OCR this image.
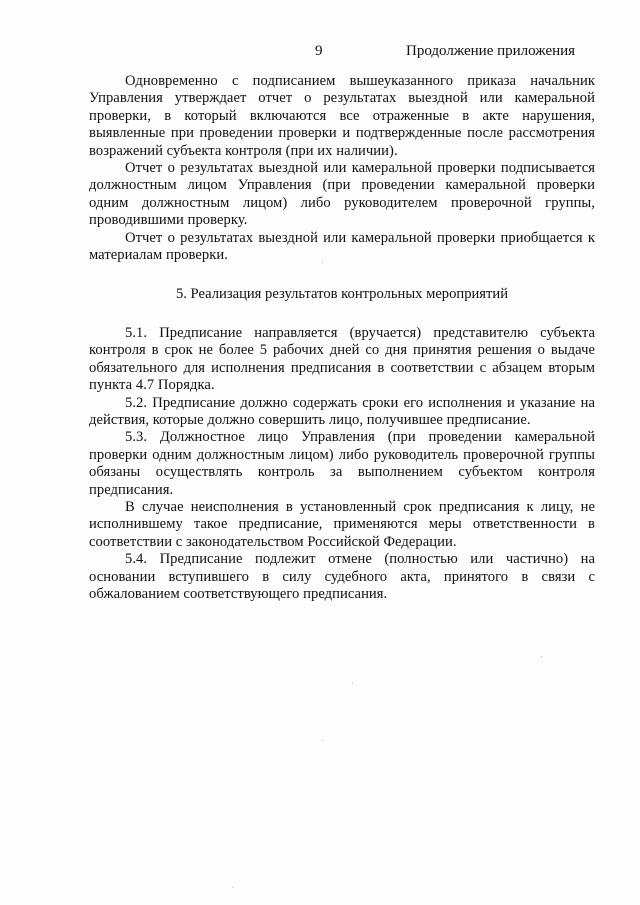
9	Продолжение приложения

Одновременно с подписанием вышеуказанного приказа начальник Управления утверждает отчет о результатах выездной или камеральной проверки, в который включаются все отраженные в акте нарушения, выявленные при проведении проверки и подтвержденные после рассмотрения возражений субъекта контроля (при их наличии).

Отчет о результатах выездной или камеральной проверки подписывается должностным лицом Управления (при проведении камеральной проверки одним должностным лицом) либо руководителем проверочной группы, проводившими проверку.

Отчет о результатах выездной или камеральной проверки приобщается к материалам проверки.

5. Реализация результатов контрольных мероприятий

5.1. Предписание направляется (вручается) представителю субъекта контроля в срок не более 5 рабочих дней со дня принятия решения о выдаче обязательного для исполнения предписания в соответствии с абзацем вторым пункта 4.7 Порядка.

5.2. Предписание должно содержать сроки его исполнения и указание на действия, которые должно совершить лицо, получившее предписание.

5.3. Должностное лицо Управления (при проведении камеральной проверки одним должностным лицом) либо руководитель проверочной группы обязаны осуществлять контроль за выполнением субъектом контроля предписания.

В случае неисполнения в установленный срок предписания к лицу, не исполнившему такое предписание, применяются меры ответственности в соответствии с законодательством Российской Федерации.

5.4. Предписание подлежит отмене (полностью или частично) на основании вступившего в силу судебного акта, принятого в связи с обжалованием соответствующего предписания.
